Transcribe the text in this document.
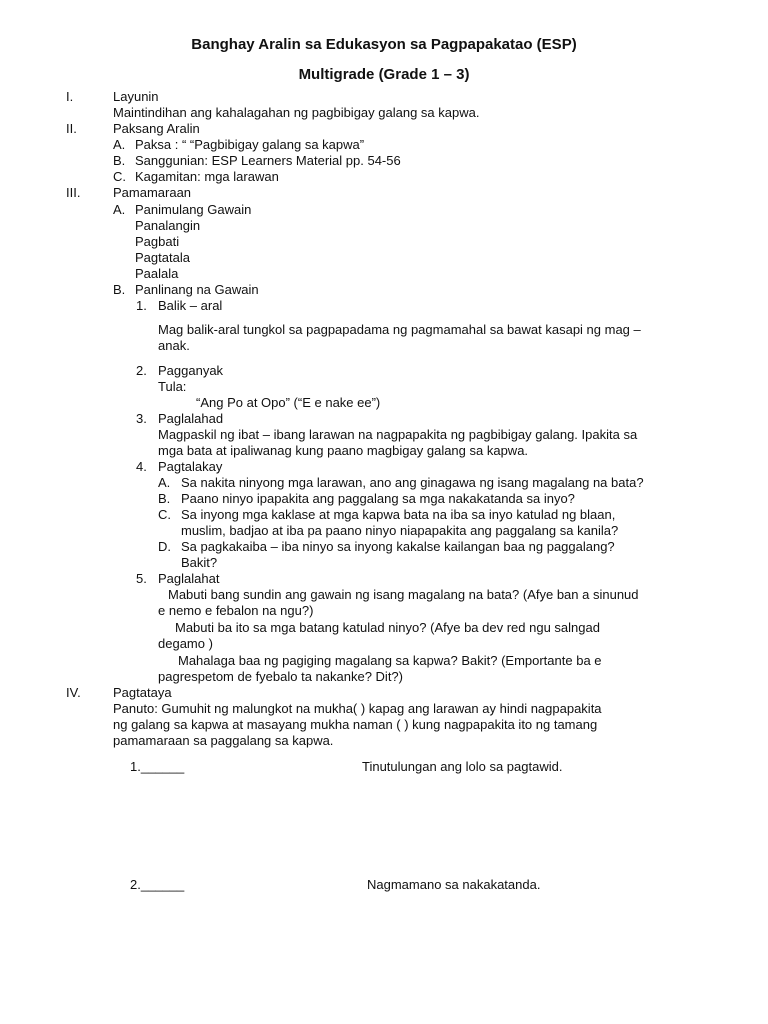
Banghay Aralin sa Edukasyon sa Pagpapakatao (ESP)
Multigrade (Grade 1 – 3)

I.	Layunin

Maintindihan ang kahalagahan ng pagbibigay galang sa kapwa.

II.	Paksang Aralin

A. Paksa : “ “Pagbibigay galang sa kapwa”

B. Sanggunian: ESP Learners Material pp. 54-56

C. Kagamitan: mga larawan

III.	Pamamaraan

A. Panimulang Gawain

Panalangin

Pagbati

Pagtatala

Paalala

B. Panlinang na Gawain

1. Balik – aral

Mag balik-aral tungkol sa pagpapadama ng pagmamahal sa bawat kasapi ng mag –

anak.

2. Pagganyak

Tula:

“Ang Po at Opo” (“E e nake ee”)

3. Paglalahad

Magpaskil ng ibat – ibang larawan na nagpapakita ng pagbibigay galang. Ipakita sa

mga bata at ipaliwanag kung paano magbigay galang sa kapwa.

4. Pagtalakay

A. Sa nakita ninyong mga larawan, ano ang ginagawa ng isang magalang na bata?

B. Paano ninyo ipapakita ang paggalang sa mga nakakatanda sa inyo?

C. Sa inyong mga kaklase at mga kapwa bata na iba sa inyo katulad ng blaan,

muslim, badjao at iba pa paano ninyo niapapakita ang paggalang sa kanila?

D. Sa pagkakaiba – iba ninyo sa inyong kakalse kailangan baa ng paggalang?

Bakit?

5. Paglalahat

Mabuti bang sundin ang gawain ng isang magalang na bata? (Afye ban a sinunud

e nemo e febalon na ngu?)

Mabuti ba ito sa mga batang katulad ninyo? (Afye ba dev red ngu salngad

degamo )

Mahalaga baa ng pagiging magalang sa kapwa? Bakit? (Emportante ba e

pagrespetom de fyebalo ta nakanke? Dit?)

IV. Pagtataya

Panuto: Gumuhit ng malungkot na mukha( ) kapag ang larawan ay hindi nagpapakita

ng galang sa kapwa at masayang mukha naman ( ) kung nagpapakita ito ng tamang

pamamaraan sa paggalang sa kapwa.

1.______	Tinutulungan ang lolo sa pagtawid.

2.______	Nagmamano sa nakakatanda.
